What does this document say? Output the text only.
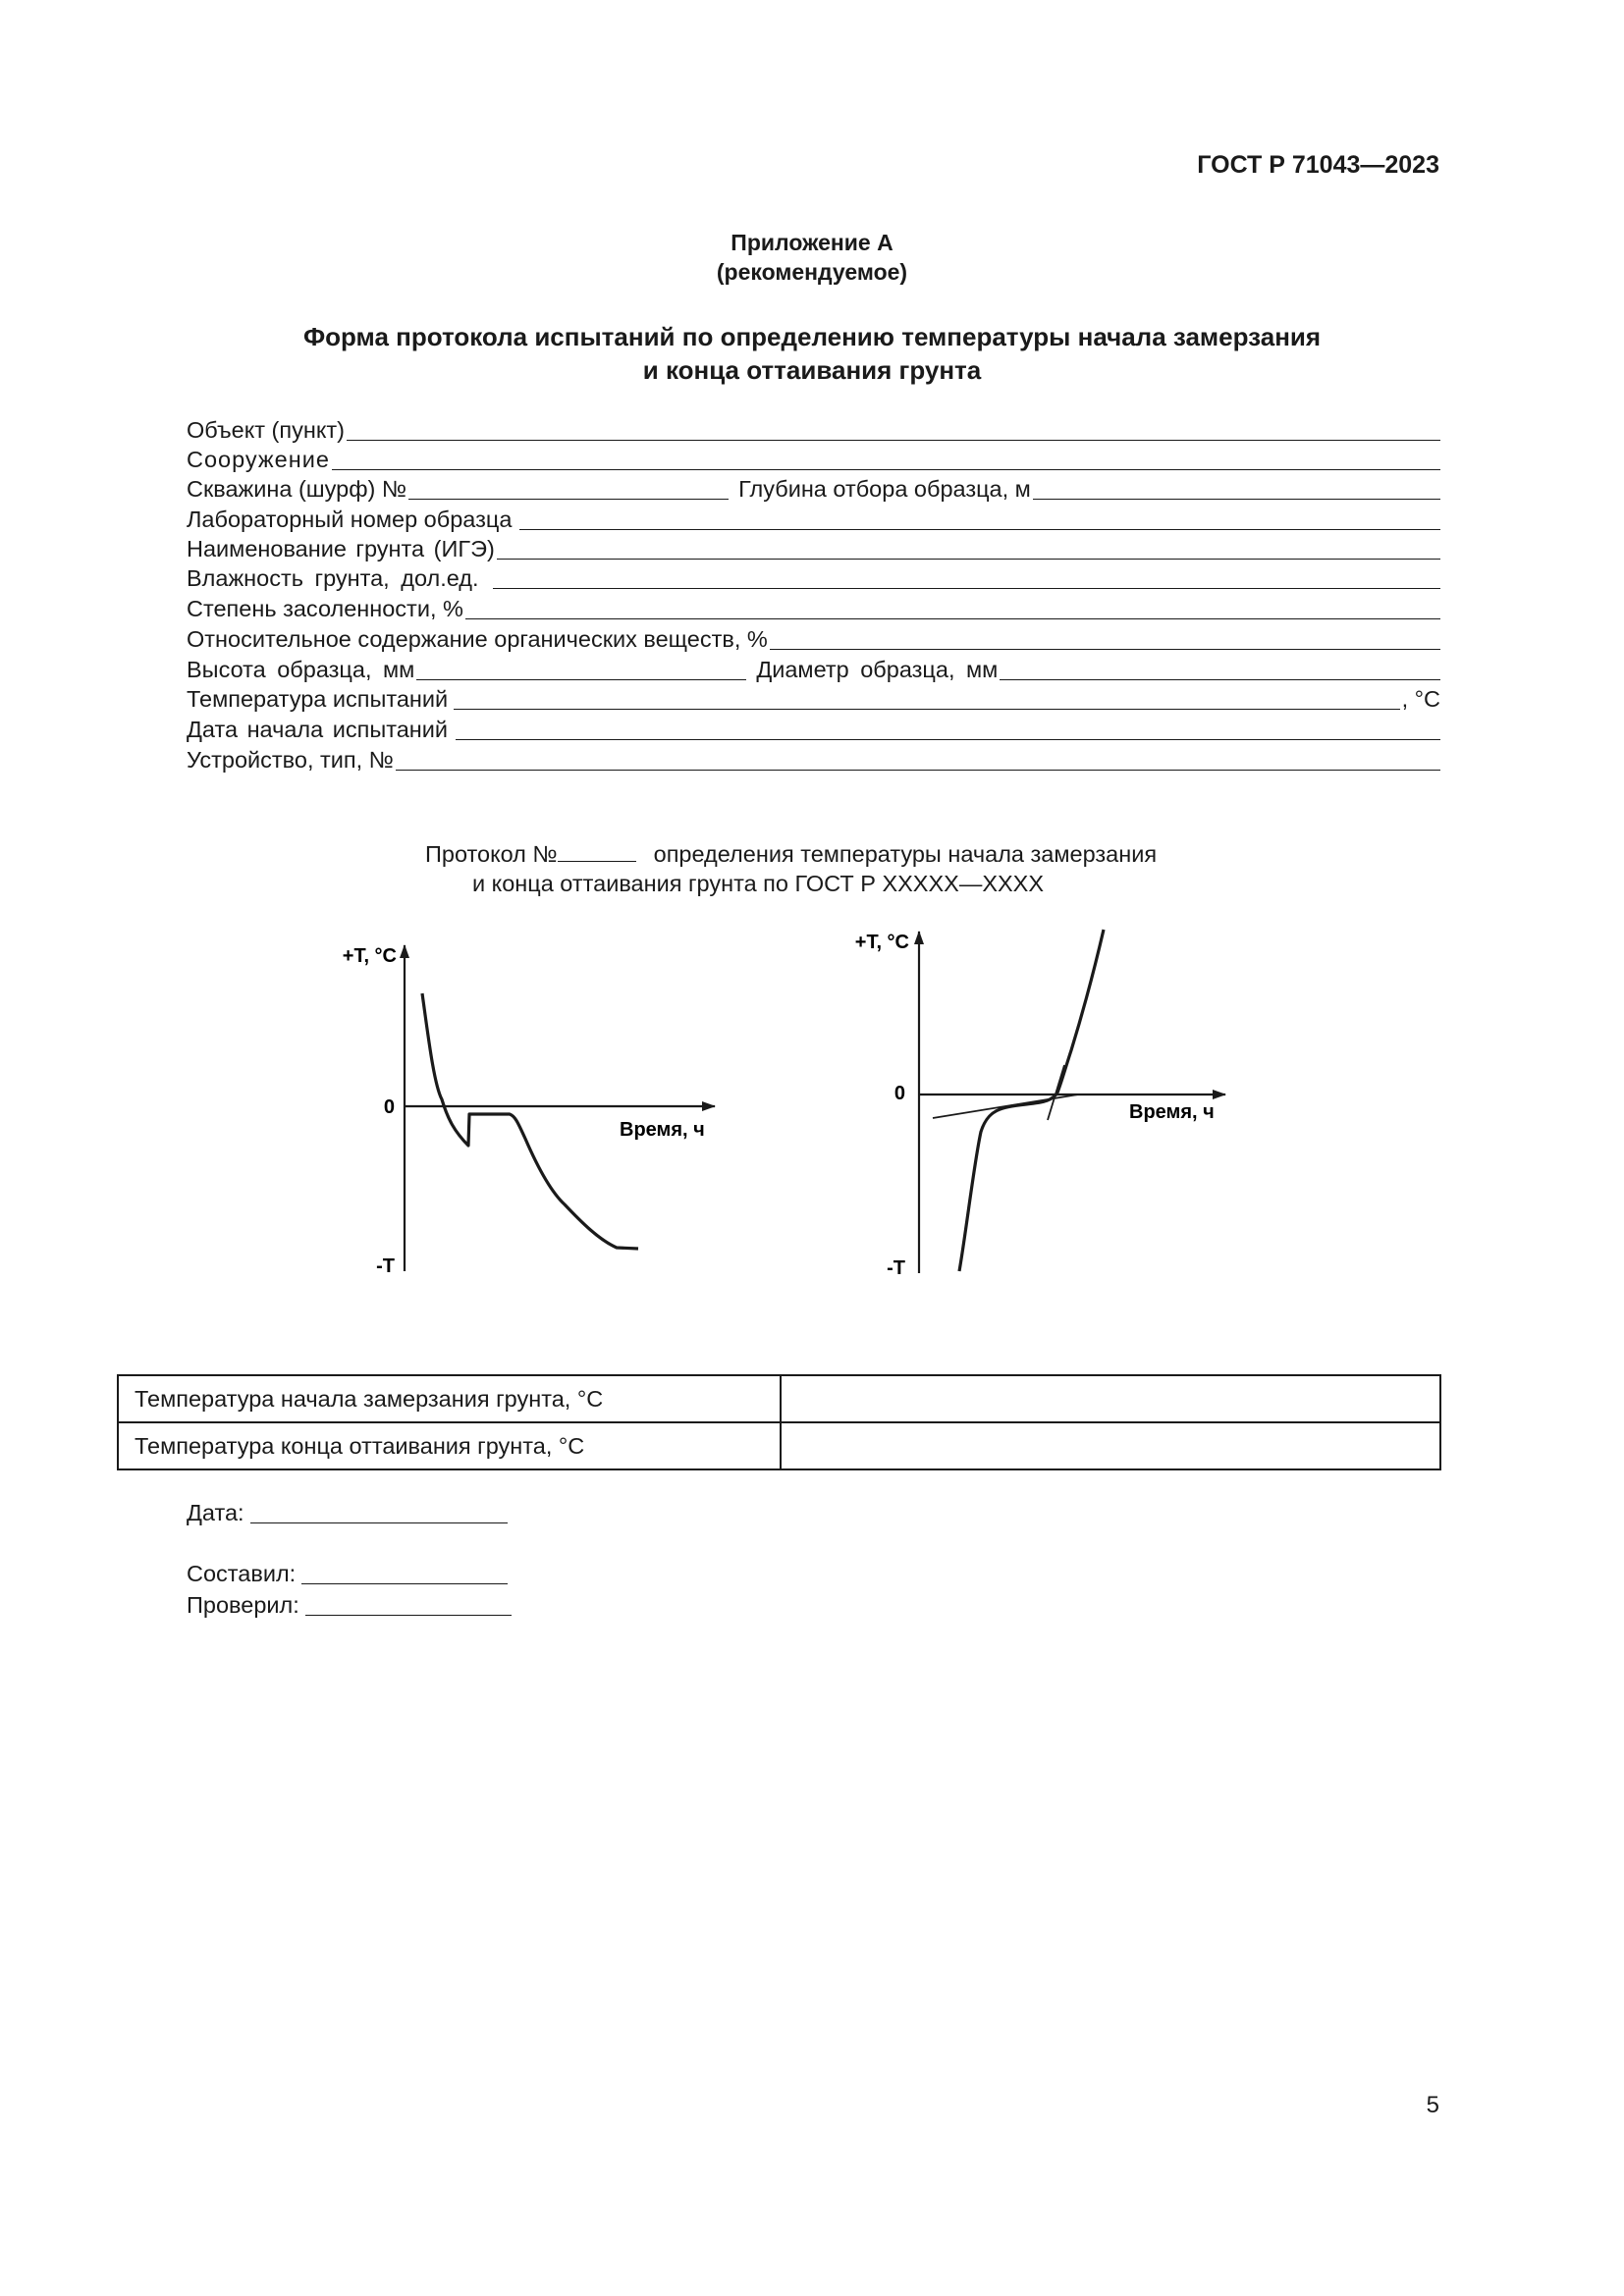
ГОСТ Р 71043—2023
Приложение А
(рекомендуемое)
Форма протокола испытаний по определению температуры начала замерзания
и конца оттаивания грунта
Объект (пункт)
Сооружение
Скважина (шурф) №	Глубина отбора образца, м
Лабораторный номер образца
Наименование грунта (ИГЭ)
Влажность грунта, дол.ед.
Степень засоленности, %
Относительное содержание органических веществ, %
Высота образца, мм	Диаметр образца, мм
Температура испытаний	, °С
Дата начала испытаний
Устройство, тип, №
Протокол №	определения температуры начала замерзания
и конца оттаивания грунта по ГОСТ Р ХХХХХ—ХХХХ
+T, °C
0
-T
Время, ч
+T, °C
0
-T
Время, ч
Температура начала замерзания грунта, °С	
Температура конца оттаивания грунта, °С	
Дата:
Составил:
Проверил:
5
